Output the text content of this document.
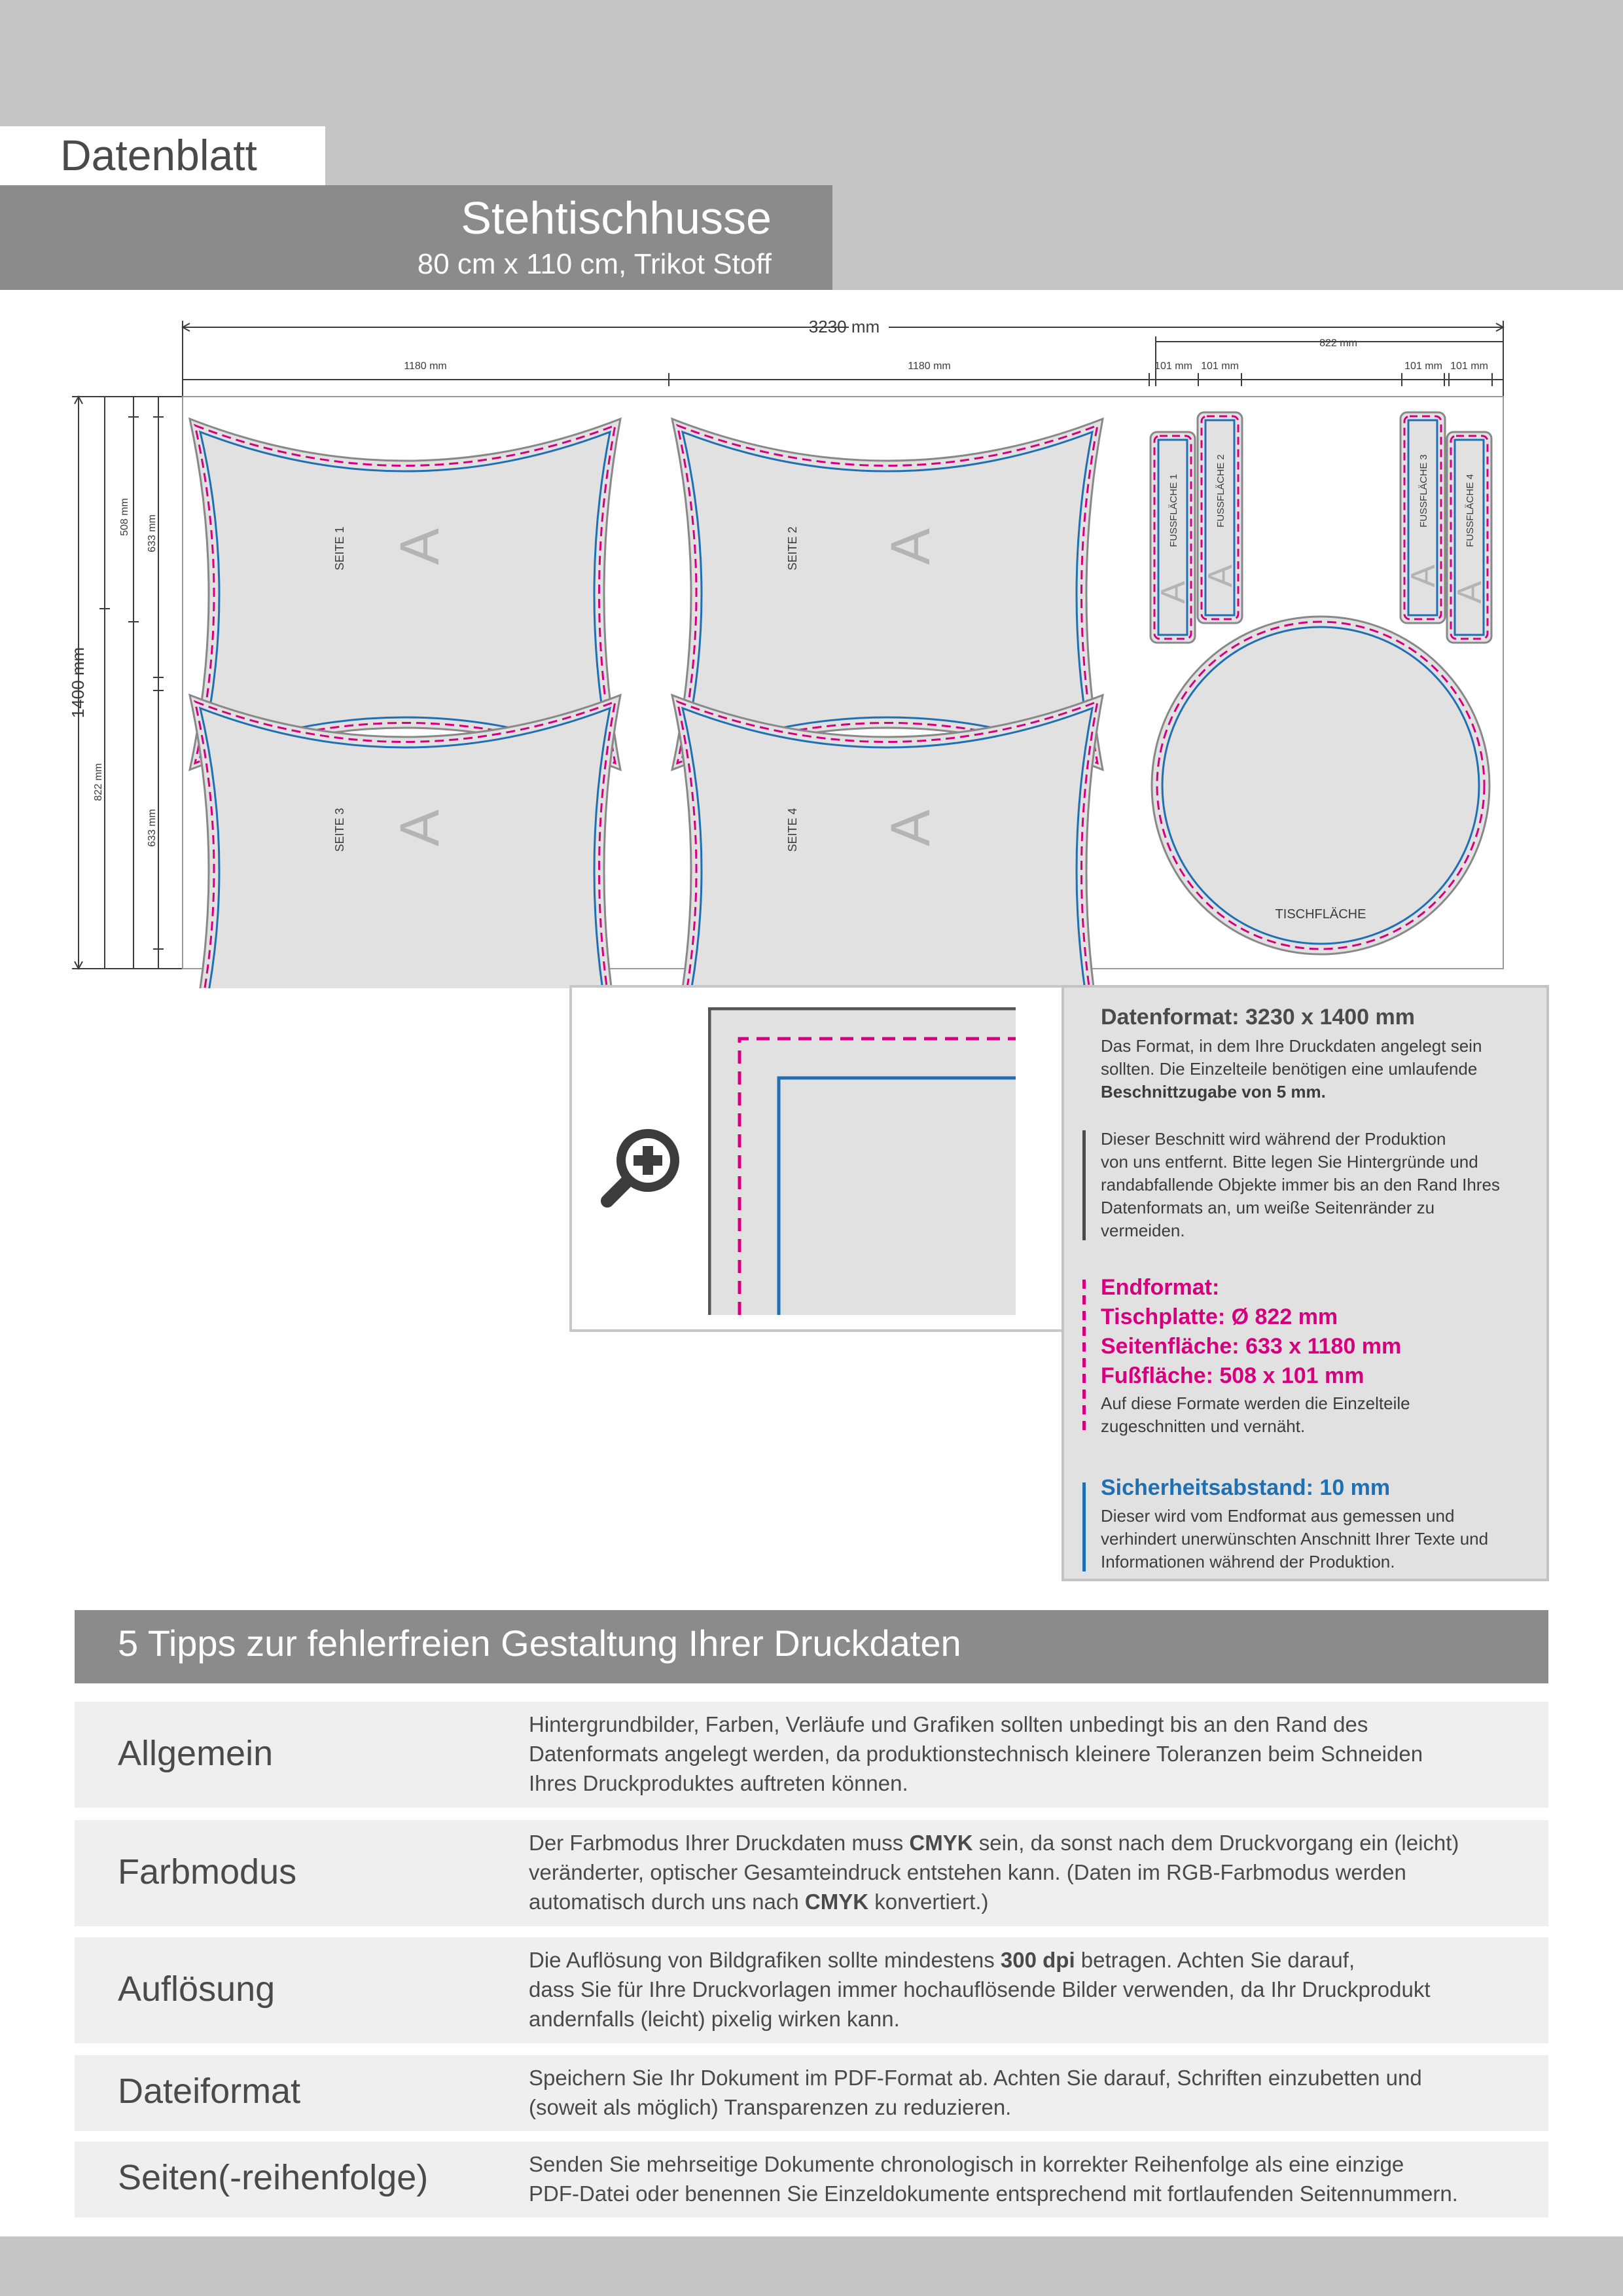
Datenblatt
Stehtischhusse
80 cm x 110 cm, Trikot Stoff
3230 mm
822 mm
1180 mm	1180 mm	101 mm 101 mm	101 mm 101 mm
1400 mm
508 mm 633 mm
822 mm
633 mm
SEITE 1	SEITE 2
SEITE 3	SEITE 4
A	A
A	A
FUSSFLÄCHE 1	FUSSFLÄCHE 2	FUSSFLÄCHE 3	FUSSFLÄCHE 4
A
A	A
A
TISCHFLÄCHE
Datenformat: 3230 x 1400 mm
Das Format, in dem Ihre Druckdaten angelegt sein
sollten. Die Einzelteile benötigen eine umlaufende
Beschnittzugabe von 5 mm.
Dieser Beschnitt wird während der Produktion
von uns entfernt. Bitte legen Sie Hintergründe und
randabfallende Objekte immer bis an den Rand Ihres
Datenformats an, um weiße Seitenränder zu
vermeiden.
Endformat:
Tischplatte: Ø 822 mm
Seitenfläche: 633 x 1180 mm
Fußfläche: 508 x 101 mm
Auf diese Formate werden die Einzelteile
zugeschnitten und vernäht.
Sicherheitsabstand: 10 mm
Dieser wird vom Endformat aus gemessen und
verhindert unerwünschten Anschnitt Ihrer Texte und
Informationen während der Produktion.
5 Tipps zur fehlerfreien Gestaltung Ihrer Druckdaten
Allgemein
Hintergrundbilder, Farben, Verläufe und Grafiken sollten unbedingt bis an den Rand des
Datenformats angelegt werden, da produktionstechnisch kleinere Toleranzen beim Schneiden
Ihres Druckproduktes auftreten können.
Farbmodus
Der Farbmodus Ihrer Druckdaten muss CMYK sein, da sonst nach dem Druckvorgang ein (leicht)
veränderter, optischer Gesamteindruck entstehen kann. (Daten im RGB-Farbmodus werden
automatisch durch uns nach CMYK konvertiert.)
Auflösung
Die Auflösung von Bildgrafiken sollte mindestens 300 dpi betragen. Achten Sie darauf,
dass Sie für Ihre Druckvorlagen immer hochauflösende Bilder verwenden, da Ihr Druckprodukt
andernfalls (leicht) pixelig wirken kann.
Dateiformat	Speichern Sie Ihr Dokument im PDF-Format ab. Achten Sie darauf, Schriften einzubetten und
(soweit als möglich) Transparenzen zu reduzieren.
Seiten(-reihenfolge)	Senden Sie mehrseitige Dokumente chronologisch in korrekter Reihenfolge als eine einzige
PDF-Datei oder benennen Sie Einzeldokumente entsprechend mit fortlaufenden Seitennummern.
